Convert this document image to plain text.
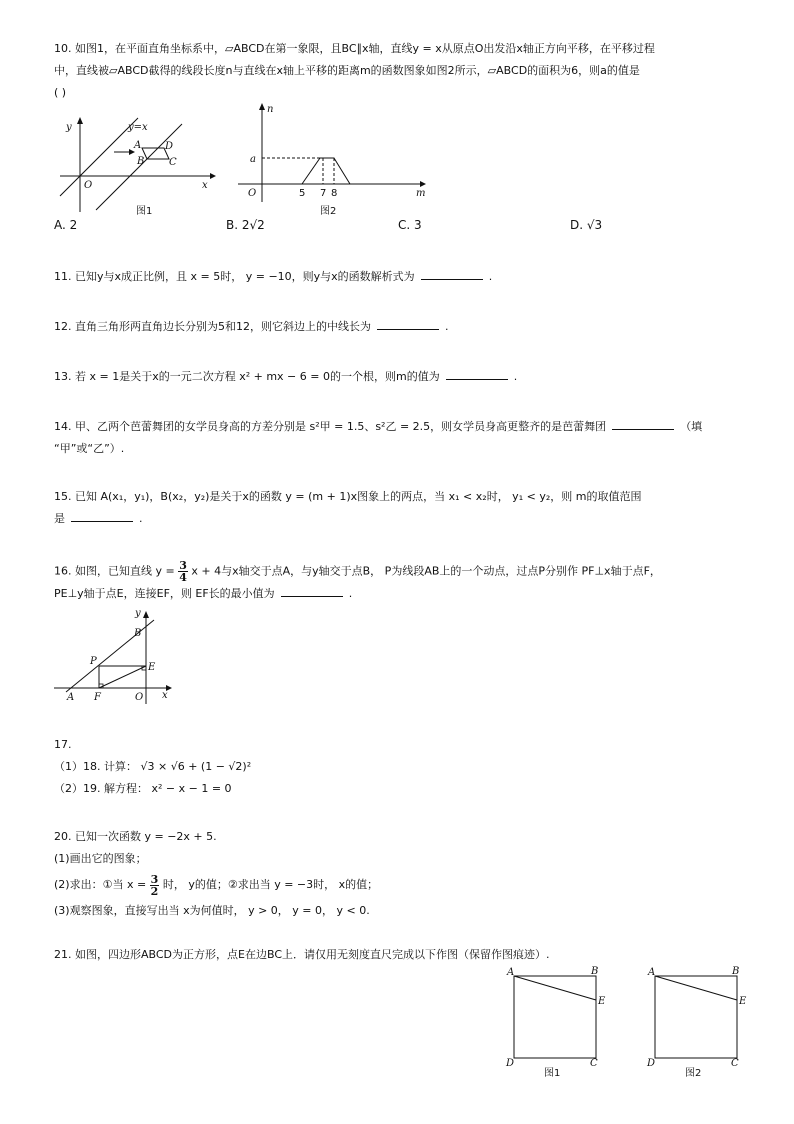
10. 如图1，在平面直角坐标系中，▱ABCD在第一象限，且BC∥x轴，直线y = x从原点O出发沿x轴正方向平移，在平移过程
中，直线被▱ABCD截得的线段长度n与直线在x轴上平移的距离m的函数图象如图2所示，▱ABCD的面积为6，则a的值是
( )
y
x
O
y=x
A
B C
D
图1
n
m
O
a
5 7 8
图2
A. 2	B. 2√2	C. 3	D. √3
11. 已知y与x成正比例，且 x = 5时， y = −10，则y与x的函数解析式为	.
12. 直角三角形两直角边长分别为5和12，则它斜边上的中线长为	.
13. 若 x = 1是关于x的一元二次方程 x² + mx − 6 = 0的一个根，则m的值为	.
14. 甲、乙两个芭蕾舞团的女学员身高的方差分别是 s²甲 = 1.5、s²乙 = 2.5，则女学员身高更整齐的是芭蕾舞团	（填
“甲”或“乙”）.
15. 已知 A(x₁，y₁)，B(x₂，y₂)是关于x的函数 y = (m + 1)x图象上的两点，当 x₁ < x₂时， y₁ < y₂，则 m的取值范围
是	.
16. 如图，已知直线 $y = \frac{3}{4}$ x + 4与x轴交于点A，与y轴交于点B， P为线段AB上的一个动点，过点P分别作 PF⊥x轴于点F，
PE⊥y轴于点E，连接EF，则 EF长的最小值为	.
y
x
B
E
P
A F	O
17.
（1）18. 计算： √3 × √6 + (1 − √2)²
（2）19. 解方程： x² − x − 1 = 0
20. 已知一次函数 y = −2x + 5.
(1)画出它的图象；
(2)求出：①当 $x = \frac{3}{2}$ 时， y的值；②求出当 y = −3时， x的值；
(3)观察图象，直接写出当 x为何值时， y > 0， y = 0， y < 0.
21. 如图，四边形ABCD为正方形，点E在边BC上．请仅用无刻度直尺完成以下作图（保留作图痕迹）.
A	B
E
D	C
图1
A	B
E
D	C
图2
